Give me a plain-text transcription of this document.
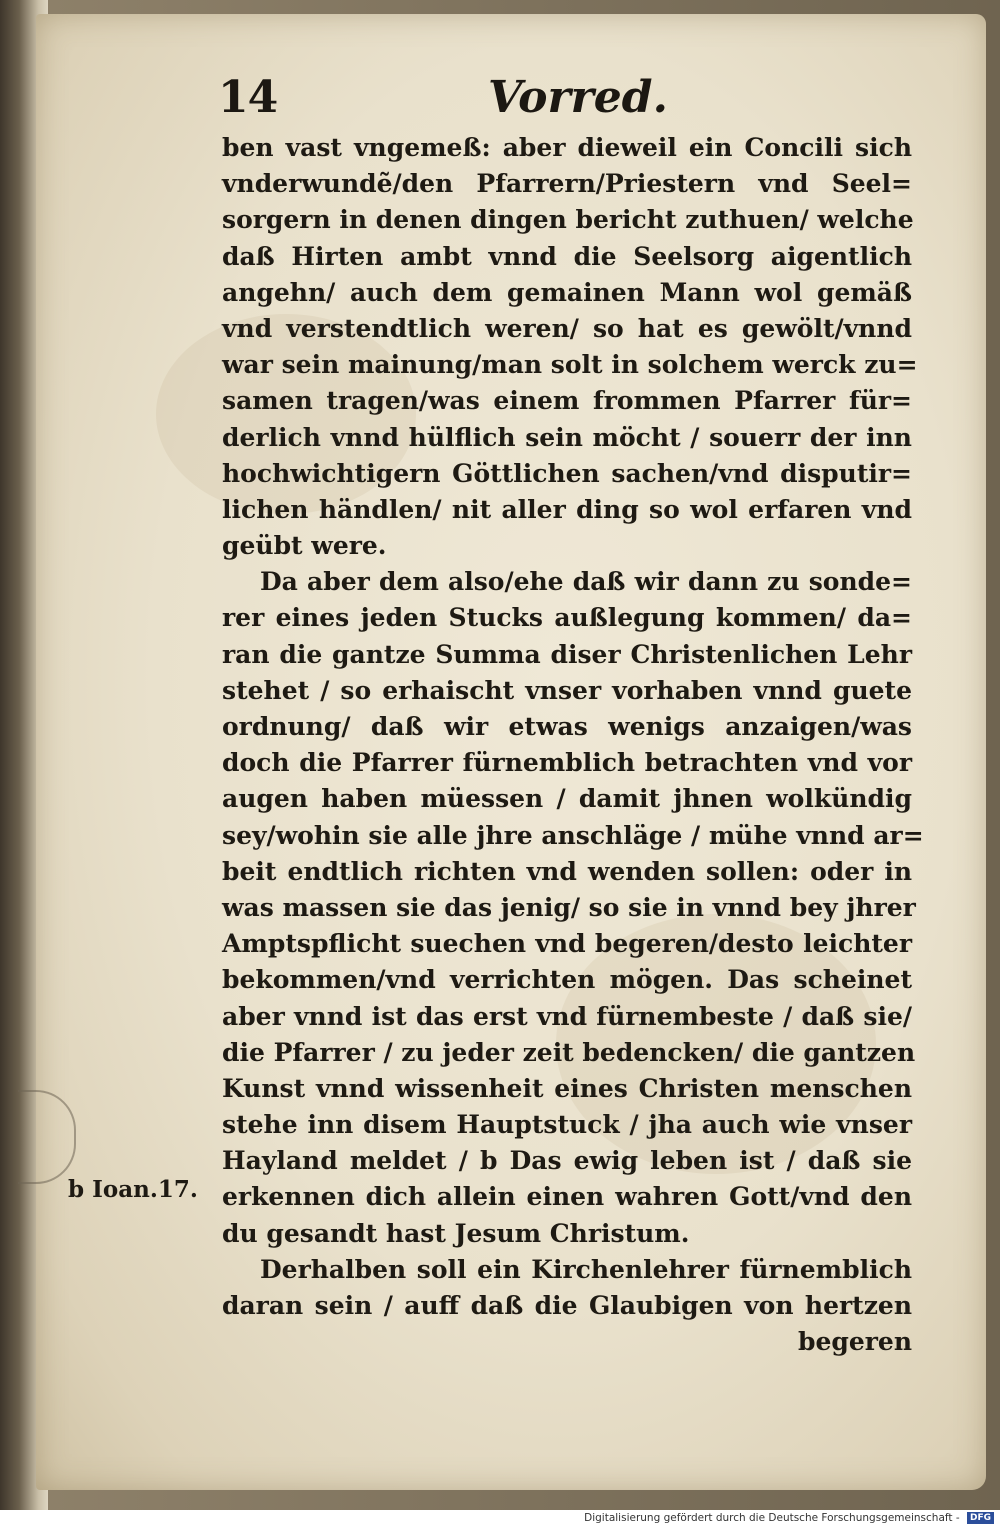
14	Vorred.
b Ioan.17.
ben vast vngemeß: aber dieweil ein Concili sich
vnderwundẽ/den Pfarrern/Priestern vnd Seel=
sorgern in denen dingen bericht zuthuen/ welche
daß Hirten ambt vnnd die Seelsorg aigentlich
angehn/ auch dem gemainen Mann wol gemäß
vnd verstendtlich weren/ so hat es gewölt/vnnd
war sein mainung/man solt in solchem werck zu=
samen tragen/was einem frommen Pfarrer für=
derlich vnnd hülflich sein möcht / souerr der inn
hochwichtigern Göttlichen sachen/vnd disputir=
lichen händlen/ nit aller ding so wol erfaren vnd
geübt were.
Da aber dem also/ehe daß wir dann zu sonde=
rer eines jeden Stucks außlegung kommen/ da=
ran die gantze Summa diser Christenlichen Lehr
stehet / so erhaischt vnser vorhaben vnnd guete
ordnung/ daß wir etwas wenigs anzaigen/was
doch die Pfarrer fürnemblich betrachten vnd vor
augen haben müessen / damit jhnen wolkündig
sey/wohin sie alle jhre anschläge / mühe vnnd ar=
beit endtlich richten vnd wenden sollen: oder in
was massen sie das jenig/ so sie in vnnd bey jhrer
Amptspflicht suechen vnd begeren/desto leichter
bekommen/vnd verrichten mögen. Das scheinet
aber vnnd ist das erst vnd fürnembeste / daß sie/
die Pfarrer / zu jeder zeit bedencken/ die gantzen
Kunst vnnd wissenheit eines Christen menschen
stehe inn disem Hauptstuck / jha auch wie vnser
Hayland meldet / b Das ewig leben ist / daß sie
erkennen dich allein einen wahren Gott/vnd den
du gesandt hast Jesum Christum.
Derhalben soll ein Kirchenlehrer fürnemblich
daran sein / auff daß die Glaubigen von hertzen
begeren
Digitalisierung gefördert durch die Deutsche Forschungsgemeinschaft - DFG
